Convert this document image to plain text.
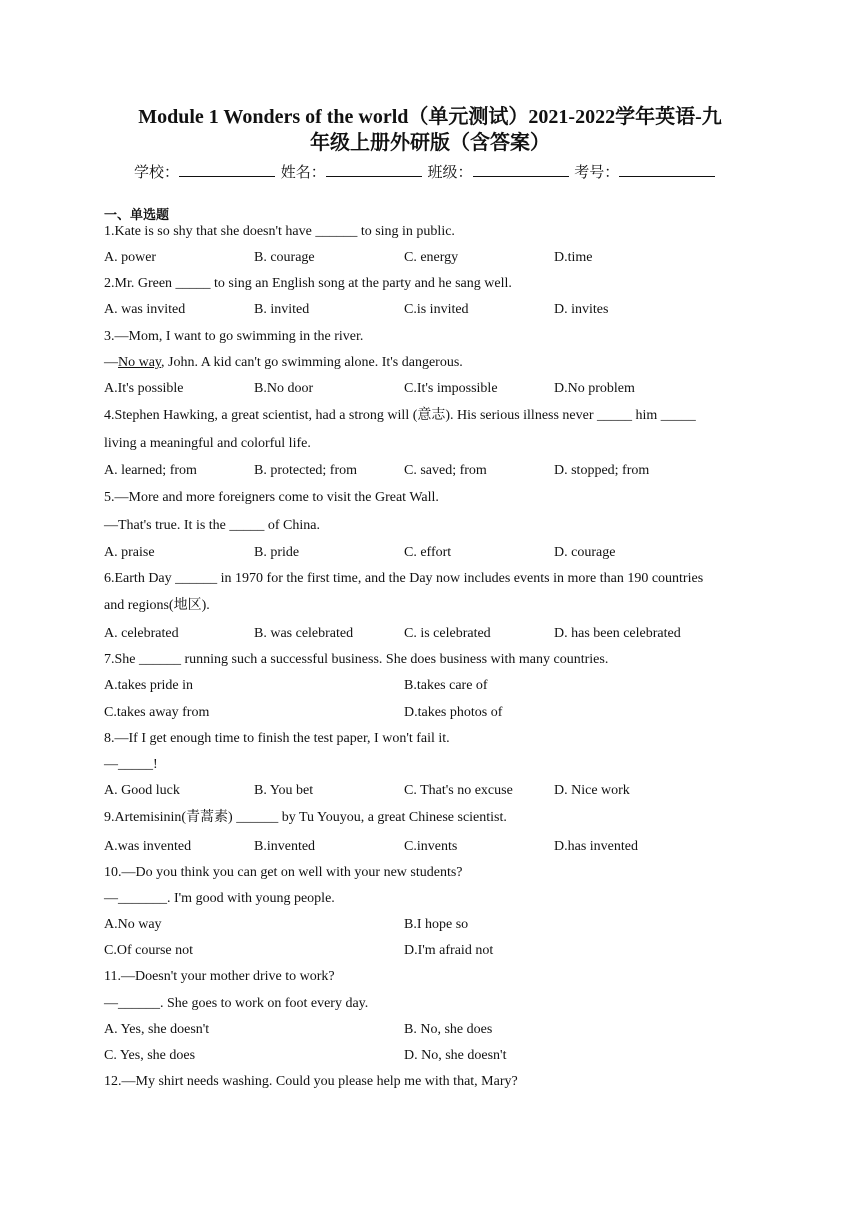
Module 1 Wonders of the world（单元测试）2021-2022学年英语-九
年级上册外研版（含答案）
学校：	姓名：	班级：	考号：
一、单选题
1.Kate is so shy that she doesn't have ______ to sing in public.
A. power	B. courage	C. energy	D.time
2.Mr. Green _____ to sing an English song at the party and he sang well.
A. was invited	B. invited	C.is invited	D. invites
3.—Mom, I want to go swimming in the river.
—No way, John. A kid can't go swimming alone. It's dangerous.
A.It's possible	B.No door	C.It's impossible	D.No problem
4.Stephen Hawking, a great scientist, had a strong will (意志). His serious illness never _____ him _____
living a meaningful and colorful life.
A. learned; from	B. protected; from	C. saved; from	D. stopped; from
5.—More and more foreigners come to visit the Great Wall.
—That's true. It is the _____ of China.
A. praise	B. pride	C. effort	D. courage
6.Earth Day ______ in 1970 for the first time, and the Day now includes events in more than 190 countries
and regions(地区).
A. celebrated	B. was celebrated	C. is celebrated	D. has been celebrated
7.She ______ running such a successful business. She does business with many countries.
A.takes pride in	B.takes care of
C.takes away from	D.takes photos of
8.—If I get enough time to finish the test paper, I won't fail it.
—_____!
A. Good luck	B. You bet	C. That's no excuse	D. Nice work
9.Artemisinin(青蒿素) ______ by Tu Youyou, a great Chinese scientist.
A.was invented	B.invented	C.invents	D.has invented
10.—Do you think you can get on well with your new students?
—_______. I'm good with young people.
A.No way	B.I hope so
C.Of course not	D.I'm afraid not
11.—Doesn't your mother drive to work?
—______. She goes to work on foot every day.
A. Yes, she doesn't	B. No, she does
C. Yes, she does	D. No, she doesn't
12.—My shirt needs washing. Could you please help me with that, Mary?
